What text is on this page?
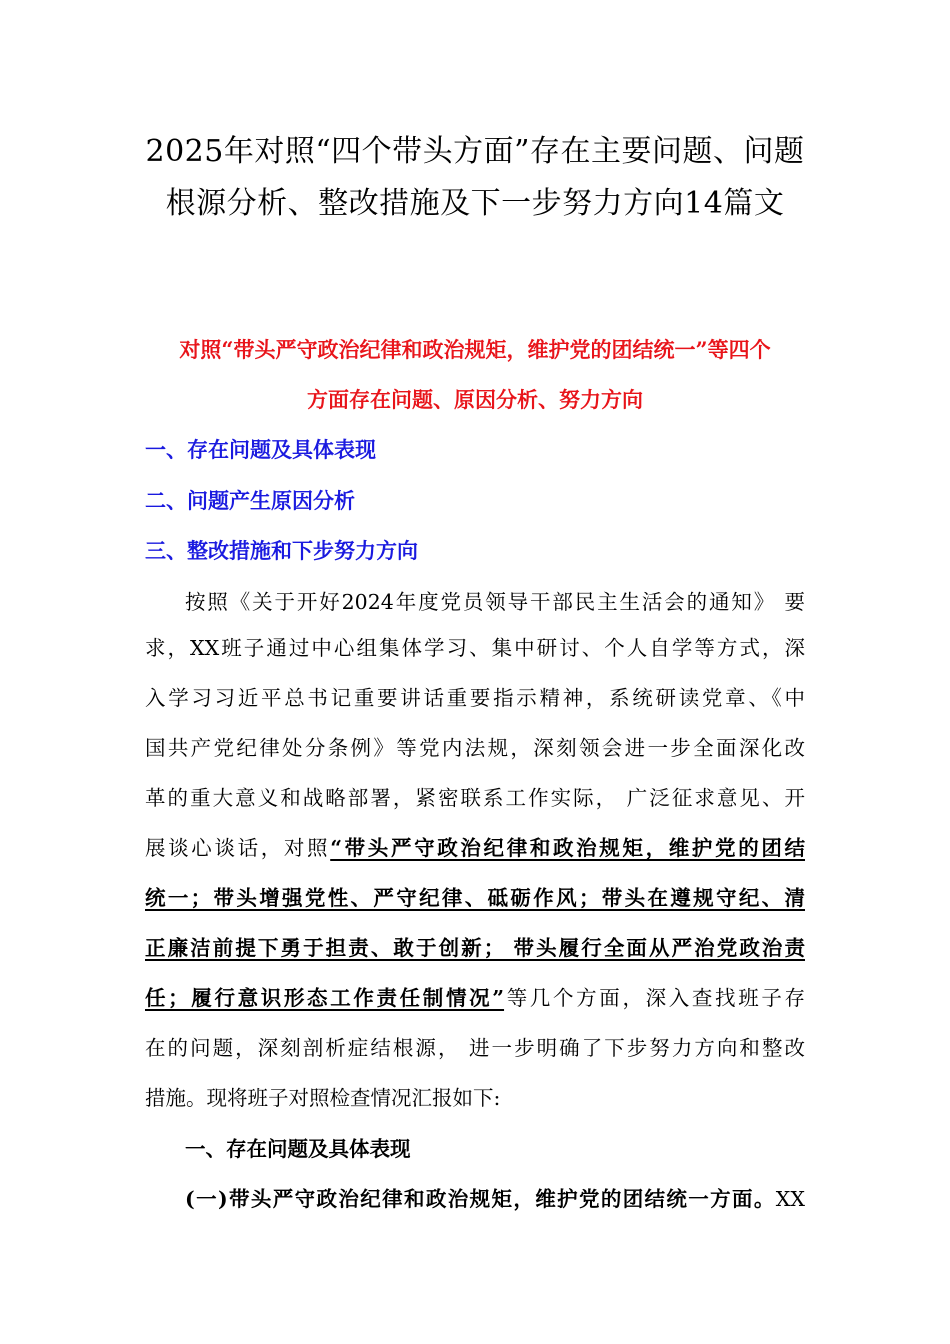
2025年对照“四个带头方面”存在主要问题、问题
根源分析、整改措施及下一步努力方向14篇文
对照“带头严守政治纪律和政治规矩，维护党的团结统一”等四个
方面存在问题、原因分析、努力方向
一、存在问题及具体表现
二、问题产生原因分析
三、整改措施和下步努力方向
按照《关于开好2024年度党员领导干部民主生活会的通知》 要
求，XX班子通过中心组集体学习、集中研讨、个人自学等方式，深
入学习习近平总书记重要讲话重要指示精神，系统研读党章、《中
国共产党纪律处分条例》等党内法规，深刻领会进一步全面深化改
革的重大意义和战略部署，紧密联系工作实际， 广泛征求意见、开
展谈心谈话，对照“带头严守政治纪律和政治规矩，维护党的团结
统一；带头增强党性、严守纪律、砥砺作风；带头在遵规守纪、清
正廉洁前提下勇于担责、敢于创新； 带头履行全面从严治党政治责
任；履行意识形态工作责任制情况”等几个方面，深入查找班子存
在的问题，深刻剖析症结根源， 进一步明确了下步努力方向和整改
措施。现将班子对照检查情况汇报如下:
一、存在问题及具体表现
(一)带头严守政治纪律和政治规矩，维护党的团结统一方面。XX
